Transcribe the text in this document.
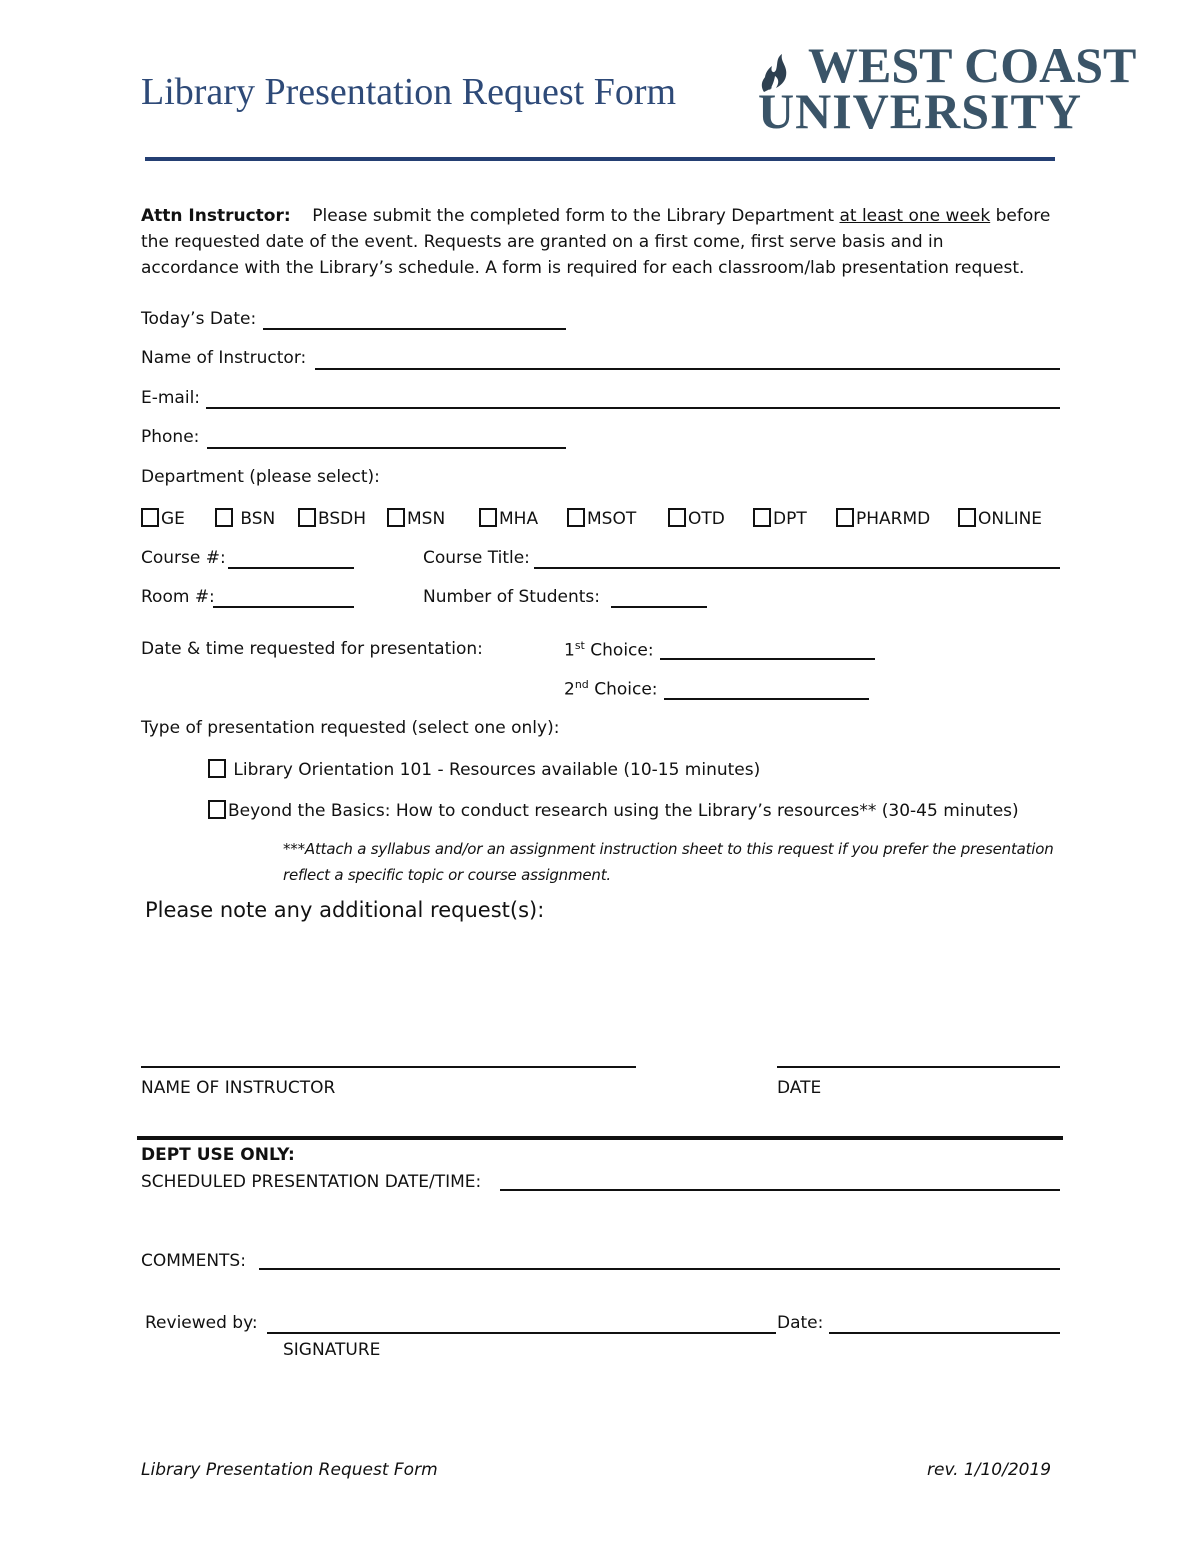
Library Presentation Request Form	WEST COAST
UNIVERSITY
Attn Instructor: Please submit the completed form to the Library Department at least one week before
the requested date of the event. Requests are granted on a first come, first serve basis and in
accordance with the Library’s schedule. A form is required for each classroom/lab presentation request.
Today’s Date:
Name of Instructor:
E-mail:
Phone:
Department (please select):
GE	BSN	BSDH	MSN	MHA	MSOT	OTD	DPT	PHARMD	ONLINE
Course #:	Course Title:
Room #:	Number of Students:
Date & time requested for presentation:	1st Choice:
2nd Choice:
Type of presentation requested (select one only):
Library Orientation 101 - Resources available (10-15 minutes)
Beyond the Basics: How to conduct research using the Library’s resources** (30-45 minutes)
***Attach a syllabus and/or an assignment instruction sheet to this request if you prefer the presentation reflect a specific topic or course assignment.
Please note any additional request(s):
NAME OF INSTRUCTOR	DATE
DEPT USE ONLY:
SCHEDULED PRESENTATION DATE/TIME:
COMMENTS:
Reviewed by:	Date:
SIGNATURE
Library Presentation Request Form	rev. 1/10/2019
